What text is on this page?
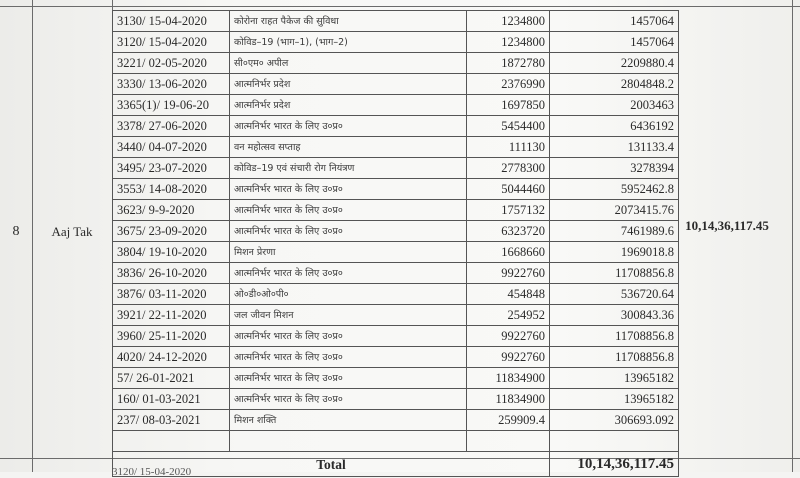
8	Aaj Tak	10,14,36,117.45
3130/ 15-04-2020	कोरोना राहत पैकेज की सुविधा	1234800	1457064
3120/ 15-04-2020	कोविड–19 (भाग–1), (भाग–2)	1234800	1457064
3221/ 02-05-2020	सी०एम० अपील	1872780	2209880.4
3330/ 13-06-2020	आत्मनिर्भर प्रदेश	2376990	2804848.2
3365(1)/ 19-06-20	आत्मनिर्भर प्रदेश	1697850	2003463
3378/ 27-06-2020	आत्मनिर्भर भारत के लिए उ०प्र०	5454400	6436192
3440/ 04-07-2020	वन महोत्सव सप्ताह	111130	131133.4
3495/ 23-07-2020	कोविड–19 एवं संचारी रोग नियंत्रण	2778300	3278394
3553/ 14-08-2020	आत्मनिर्भर भारत के लिए उ०प्र०	5044460	5952462.8
3623/ 9-9-2020	आत्मनिर्भर भारत के लिए उ०प्र०	1757132	2073415.76
3675/ 23-09-2020	आत्मनिर्भर भारत के लिए उ०प्र०	6323720	7461989.6
3804/ 19-10-2020	मिशन प्रेरणा	1668660	1969018.8
3836/ 26-10-2020	आत्मनिर्भर भारत के लिए उ०प्र०	9922760	11708856.8
3876/ 03-11-2020	ओ०डी०ओ०पी०	454848	536720.64
3921/ 22-11-2020	जल जीवन मिशन	254952	300843.36
3960/ 25-11-2020	आत्मनिर्भर भारत के लिए उ०प्र०	9922760	11708856.8
4020/ 24-12-2020	आत्मनिर्भर भारत के लिए उ०प्र०	9922760	11708856.8
57/ 26-01-2021	आत्मनिर्भर भारत के लिए उ०प्र०	11834900	13965182
160/ 01-03-2021	आत्मनिर्भर भारत के लिए उ०प्र०	11834900	13965182
237/ 08-03-2021	मिशन शक्ति	259909.4	306693.092

Total			10,14,36,117.45
3120/ 15-04-2020
